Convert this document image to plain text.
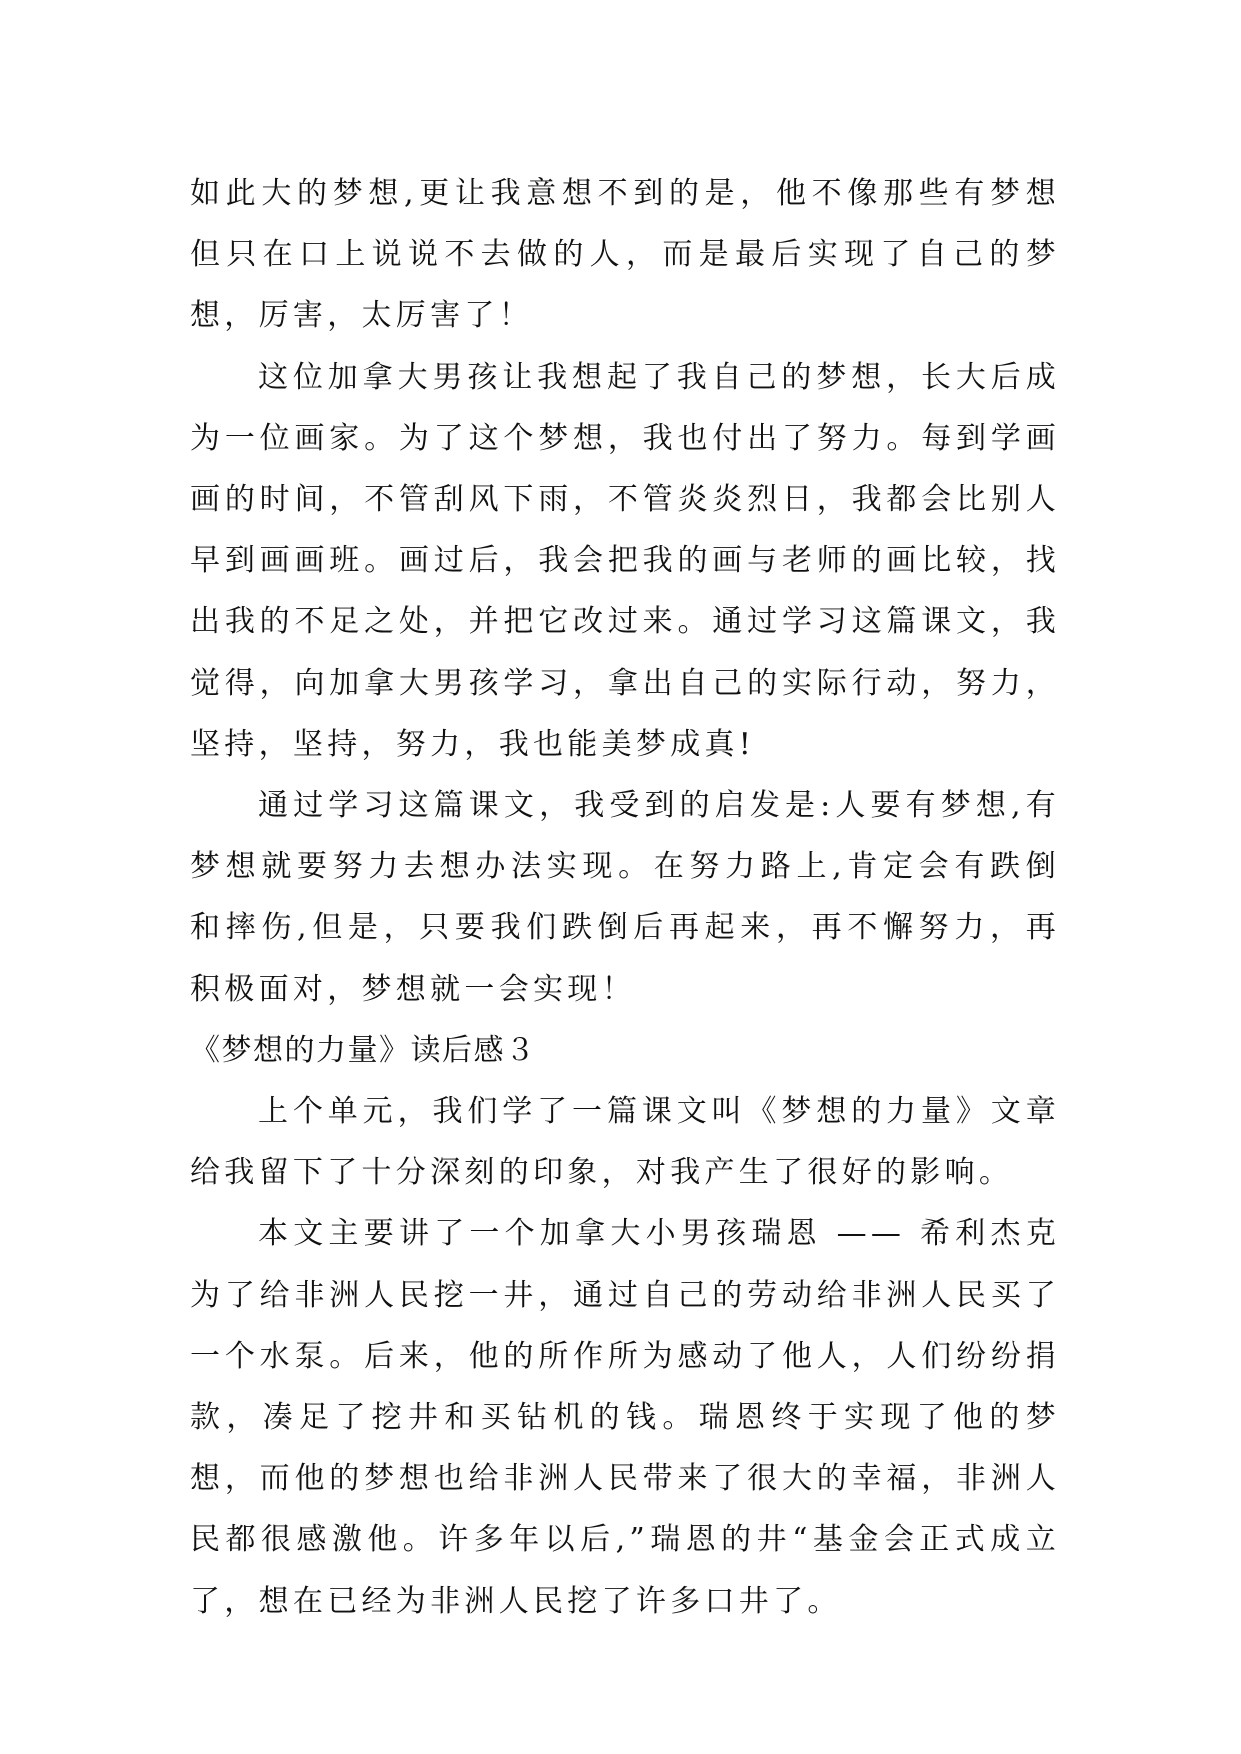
如此大的梦想,更让我意想不到的是，他不像那些有梦想但只在口上说说不去做的人，而是最后实现了自己的梦想，厉害，太厉害了！

这位加拿大男孩让我想起了我自己的梦想，长大后成为一位画家。为了这个梦想，我也付出了努力。每到学画画的时间，不管刮风下雨，不管炎炎烈日，我都会比别人早到画画班。画过后，我会把我的画与老师的画比较，找出我的不足之处，并把它改过来。通过学习这篇课文，我觉得，向加拿大男孩学习，拿出自己的实际行动，努力，坚持，坚持，努力，我也能美梦成真!

通过学习这篇课文，我受到的启发是:人要有梦想,有梦想就要努力去想办法实现。在努力路上,肯定会有跌倒和摔伤,但是，只要我们跌倒后再起来，再不懈努力，再积极面对，梦想就一会实现！

《梦想的力量》读后感３

上个单元，我们学了一篇课文叫《梦想的力量》文章给我留下了十分深刻的印象，对我产生了很好的影响。

本文主要讲了一个加拿大小男孩瑞恩 —— 希利杰克为了给非洲人民挖一井，通过自己的劳动给非洲人民买了一个水泵。后来，他的所作所为感动了他人，人们纷纷捐款，凑足了挖井和买钻机的钱。瑞恩终于实现了他的梦想，而他的梦想也给非洲人民带来了很大的幸福，非洲人民都很感激他。许多年以后,”瑞恩的井“基金会正式成立了，想在已经为非洲人民挖了许多口井了。
